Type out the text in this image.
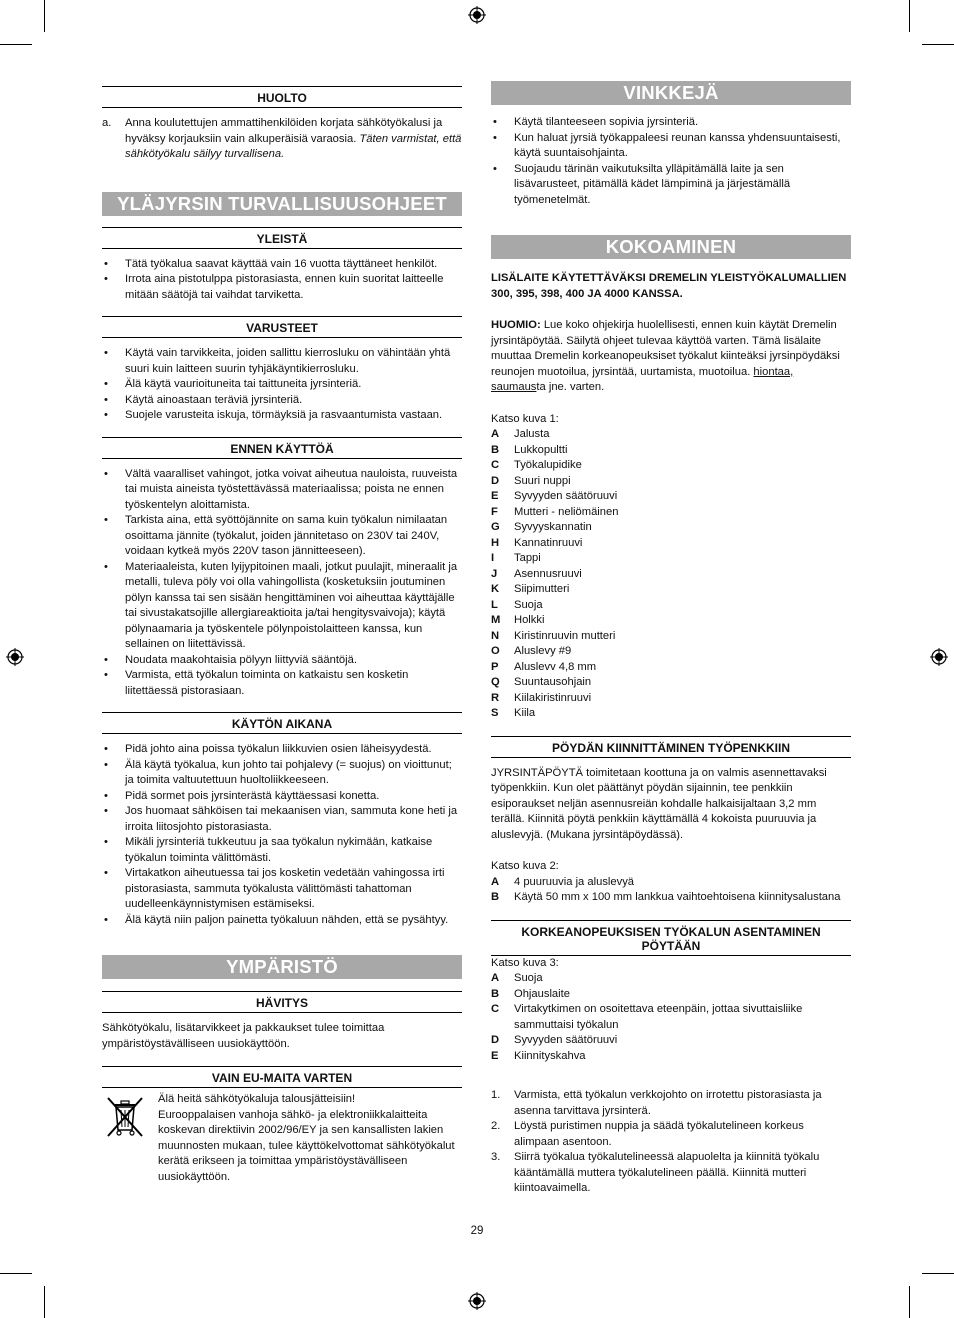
HUOLTO
a. Anna koulutettujen ammattihenkilöiden korjata sähkötyökalusi ja hyväksy korjauksiin vain alkuperäisiä varaosia. Täten varmistat, että sähkötyökalu säilyy turvallisena.
YLÄJYRSIN TURVALLISUUSOHJEET
YLEISTÄ
• Tätä työkalua saavat käyttää vain 16 vuotta täyttäneet henkilöt.
• Irrota aina pistotulppa pistorasiasta, ennen kuin suoritat laitteelle mitään säätöjä tai vaihdat tarviketta.
VARUSTEET
• Käytä vain tarvikkeita, joiden sallittu kierrosluku on vähintään yhtä suuri kuin laitteen suurin tyhjäkäyntikierrosluku.
• Älä käytä vaurioituneita tai taittuneita jyrsinteriä.
• Käytä ainoastaan teräviä jyrsinteriä.
• Suojele varusteita iskuja, törmäyksiä ja rasvaantumista vastaan.
ENNEN KÄYTTÖÄ
• Vältä vaaralliset vahingot, jotka voivat aiheutua nauloista, ruuveista tai muista aineista työstettävässä materiaalissa; poista ne ennen työskentelyn aloittamista.
• Tarkista aina, että syöttöjännite on sama kuin työkalun nimilaatan osoittama jännite (työkalut, joiden jännitetaso on 230V tai 240V, voidaan kytkeä myös 220V tason jännitteeseen).
• Materiaaleista, kuten lyijypitoinen maali, jotkut puulajit, mineraalit ja metalli, tuleva pöly voi olla vahingollista (kosketuksiin joutuminen pölyn kanssa tai sen sisään hengittäminen voi aiheuttaa käyttäjälle tai sivustakatsojille allergiareaktioita ja/tai hengitysvaivoja); käytä pölynaamaria ja työskentele pölynpoistolaitteen kanssa, kun sellainen on liitettävissä.
• Noudata maakohtaisia pölyyn liittyviä sääntöjä.
• Varmista, että työkalun toiminta on katkaistu sen kosketin liitettäessä pistorasiaan.
KÄYTÖN AIKANA
• Pidä johto aina poissa työkalun liikkuvien osien läheisyydestä.
• Älä käytä työkalua, kun johto tai pohjalevy (= suojus) on vioittunut; ja toimita valtuutettuun huoltoliikkeeseen.
• Pidä sormet pois jyrsinterästä käyttäessasi konetta.
• Jos huomaat sähköisen tai mekaanisen vian, sammuta kone heti ja irroita liitosjohto pistorasiasta.
• Mikäli jyrsinteriä tukkeutuu ja saa työkalun nykimään, katkaise työkalun toiminta välittömästi.
• Virtakatkon aiheutuessa tai jos kosketin vedetään vahingossa irti pistorasiasta, sammuta työkalusta välittömästi tahattoman uudelleenkäynnistymisen estämiseksi.
• Älä käytä niin paljon painetta työkaluun nähden, että se pysähtyy.
YMPÄRISTÖ
HÄVITYS

Sähkötyökalu, lisätarvikkeet ja pakkaukset tulee toimittaa ympäristöystävälliseen uusiokäyttöön.

VAIN EU-MAITA VARTEN

Älä heitä sähkötyökaluja talousjätteisiin!

Eurooppalaisen vanhoja sähkö- ja elektroniikkalaitteita koskevan direktiivin 2002/96/EY ja sen kansallisten lakien muunnosten mukaan, tulee käyttökelvottomat sähkötyökalut kerätä erikseen ja toimittaa ympäristöystävälliseen uusiokäyttöön.

VINKKEJÄ
• Käytä tilanteeseen sopivia jyrsinteriä.
• Kun haluat jyrsiä työkappaleesi reunan kanssa yhdensuuntaisesti, käytä suuntaisohjainta.
• Suojaudu tärinän vaikutuksilta ylläpitämällä laite ja sen lisävarusteet, pitämällä kädet lämpiminä ja järjestämällä työmenetelmät.
KOKOAMINEN

LISÄLAITE KÄYTETTÄVÄKSI DREMELIN YLEISTYÖKALUMALLIEN 300, 395, 398, 400 JA 4000 KANSSA.

HUOMIO: Lue koko ohjekirja huolellisesti, ennen kuin käytät Dremelin jyrsintäpöytää. Säilytä ohjeet tulevaa käyttöä varten. Tämä lisälaite muuttaa Dremelin korkeanopeuksiset työkalut kiinteäksi jyrsinpöydäksi reunojen muotoilua, jyrsintää, uurtamista, muotoilua. hiontaa, saumausta jne. varten.

Katso kuva 1:

A Jalusta
B Lukkopultti
C Työkalupidike
D Suuri nuppi
E Syvyyden säätöruuvi
F Mutteri - neliömäinen
G Syvyyskannatin
H Kannatinruuvi
I Tappi
J Asennusruuvi
K Siipimutteri
L Suoja
M Holkki
N Kiristinruuvin mutteri
O Aluslevy #9
P Aluslevv 4,8 mm
Q Suuntausohjain
R Kiilakiristinruuvi
S Kiila
PÖYDÄN KIINNITTÄMINEN TYÖPENKKIIN

JYRSINTÄPÖYTÄ toimitetaan koottuna ja on valmis asennettavaksi työpenkkiin. Kun olet päättänyt pöydän sijainnin, tee penkkiin esiporaukset neljän asennusreiän kohdalle halkaisijaltaan 3,2 mm terällä. Kiinnitä pöytä penkkiin käyttämällä 4 kokoista puuruuvia ja aluslevyjä. (Mukana jyrsintäpöydässä).

Katso kuva 2:

A 4 puuruuvia ja aluslevyä
B Käytä 50 mm x 100 mm lankkua vaihtoehtoisena kiinnitysalustana
KORKEANOPEUKSISEN TYÖKALUN ASENTAMINEN PÖYTÄÄN

Katso kuva 3:

A Suoja
B Ohjauslaite
C Virtakytkimen on osoitettava eteenpäin, jottaa sivuttaisliike sammuttaisi työkalun
D Syvyyden säätöruuvi
E Kiinnityskahva
1. Varmista, että työkalun verkkojohto on irrotettu pistorasiasta ja asenna tarvittava jyrsinterä.
2. Löystä puristimen nuppia ja säädä työkalutelineen korkeus alimpaan asentoon.
3. Siirrä työkalua työkalutelineessä alapuolelta ja kiinnitä työkalu kääntämällä muttera työkalutelineen päällä. Kiinnitä mutteri kiintoavaimella.
29
